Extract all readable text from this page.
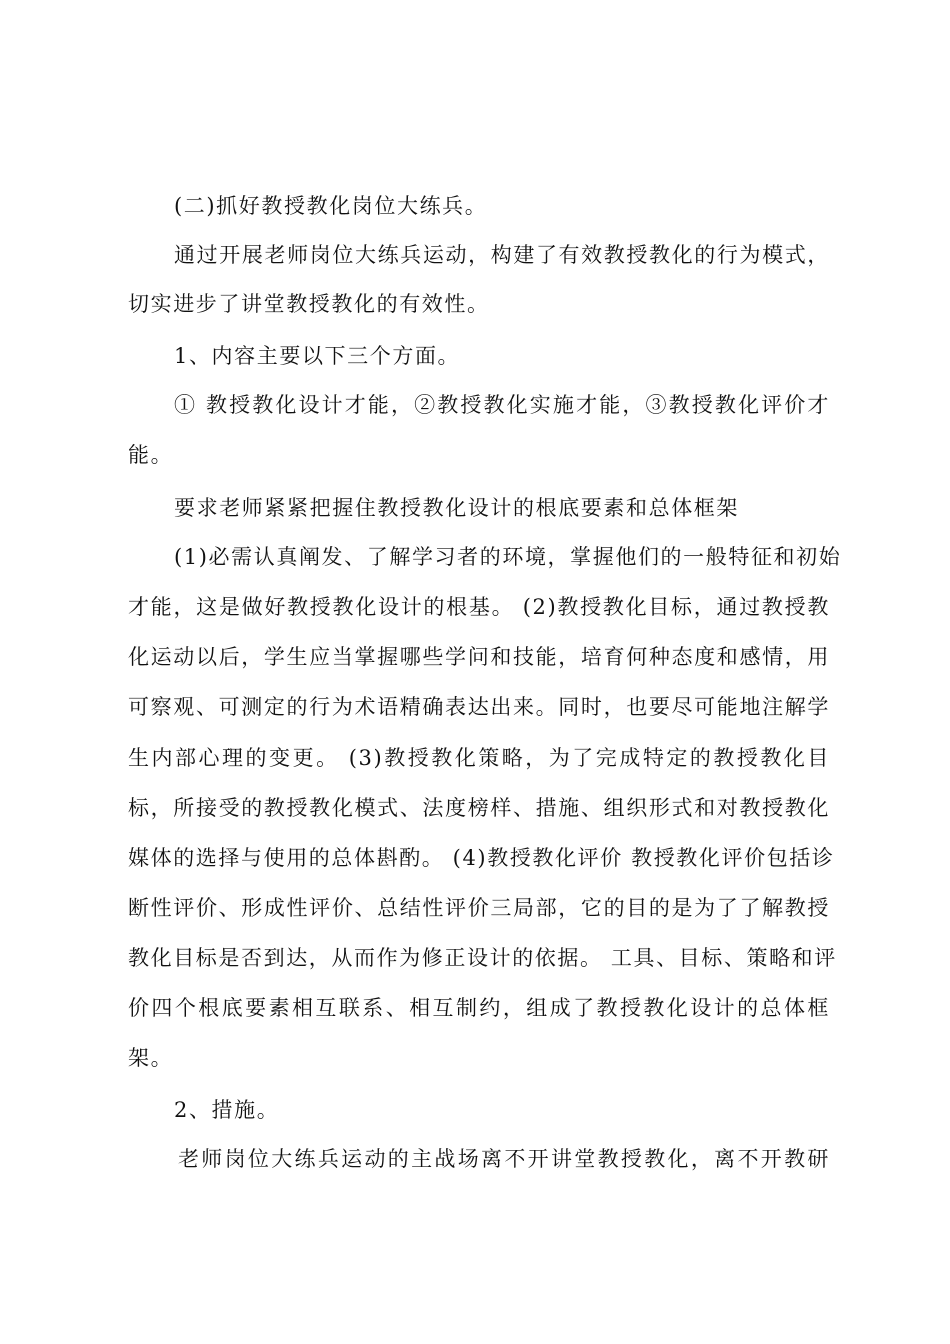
(二)抓好教授教化岗位大练兵。
通过开展老师岗位大练兵运动，构建了有效教授教化的行为模式，
切实进步了讲堂教授教化的有效性。
1、内容主要以下三个方面。
① 教授教化设计才能，②教授教化实施才能，③教授教化评价才
能。
要求老师紧紧把握住教授教化设计的根底要素和总体框架
(1)必需认真阐发、了解学习者的环境，掌握他们的一般特征和初始
才能，这是做好教授教化设计的根基。 (2)教授教化目标，通过教授教
化运动以后，学生应当掌握哪些学问和技能，培育何种态度和感情，用
可察观、可测定的行为术语精确表达出来。同时，也要尽可能地注解学
生内部心理的变更。 (3)教授教化策略，为了完成特定的教授教化目
标，所接受的教授教化模式、法度榜样、措施、组织形式和对教授教化
媒体的选择与使用的总体斟酌。 (4)教授教化评价 教授教化评价包括诊
断性评价、形成性评价、总结性评价三局部，它的目的是为了了解教授
教化目标是否到达，从而作为修正设计的依据。 工具、目标、策略和评
价四个根底要素相互联系、相互制约，组成了教授教化设计的总体框
架。
2、措施。
老师岗位大练兵运动的主战场离不开讲堂教授教化，离不开教研
